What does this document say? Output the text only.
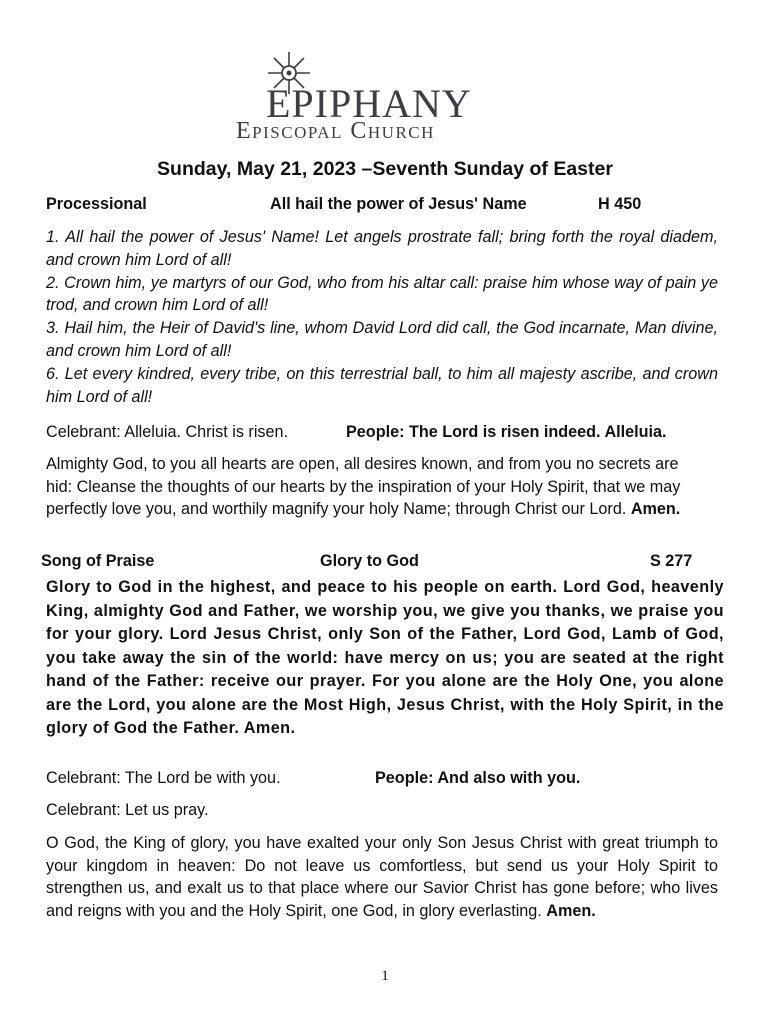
EPIPHANY
Episcopal Church
Sunday, May 21, 2023 –Seventh Sunday of Easter
Processional	All hail the power of Jesus' Name	H 450
1. All hail the power of Jesus' Name! Let angels prostrate fall; bring forth the royal diadem, and crown him Lord of all!
2. Crown him, ye martyrs of our God, who from his altar call: praise him whose way of pain ye trod, and crown him Lord of all!
3. Hail him, the Heir of David's line, whom David Lord did call, the God incarnate, Man divine, and crown him Lord of all!
6. Let every kindred, every tribe, on this terrestrial ball, to him all majesty ascribe, and crown him Lord of all!
Celebrant: Alleluia. Christ is risen.	People: The Lord is risen indeed. Alleluia.
Almighty God, to you all hearts are open, all desires known, and from you no secrets are hid: Cleanse the thoughts of our hearts by the inspiration of your Holy Spirit, that we may perfectly love you, and worthily magnify your holy Name; through Christ our Lord. Amen.
Song of Praise	Glory to God	S 277
Glory to God in the highest, and peace to his people on earth. Lord God, heavenly King, almighty God and Father, we worship you, we give you thanks, we praise you for your glory. Lord Jesus Christ, only Son of the Father, Lord God, Lamb of God, you take away the sin of the world: have mercy on us; you are seated at the right hand of the Father: receive our prayer. For you alone are the Holy One, you alone are the Lord, you alone are the Most High, Jesus Christ, with the Holy Spirit, in the glory of God the Father. Amen.
Celebrant: The Lord be with you.	People: And also with you.
Celebrant: Let us pray.
O God, the King of glory, you have exalted your only Son Jesus Christ with great triumph to your kingdom in heaven: Do not leave us comfortless, but send us your Holy Spirit to strengthen us, and exalt us to that place where our Savior Christ has gone before; who lives and reigns with you and the Holy Spirit, one God, in glory everlasting. Amen.
1
